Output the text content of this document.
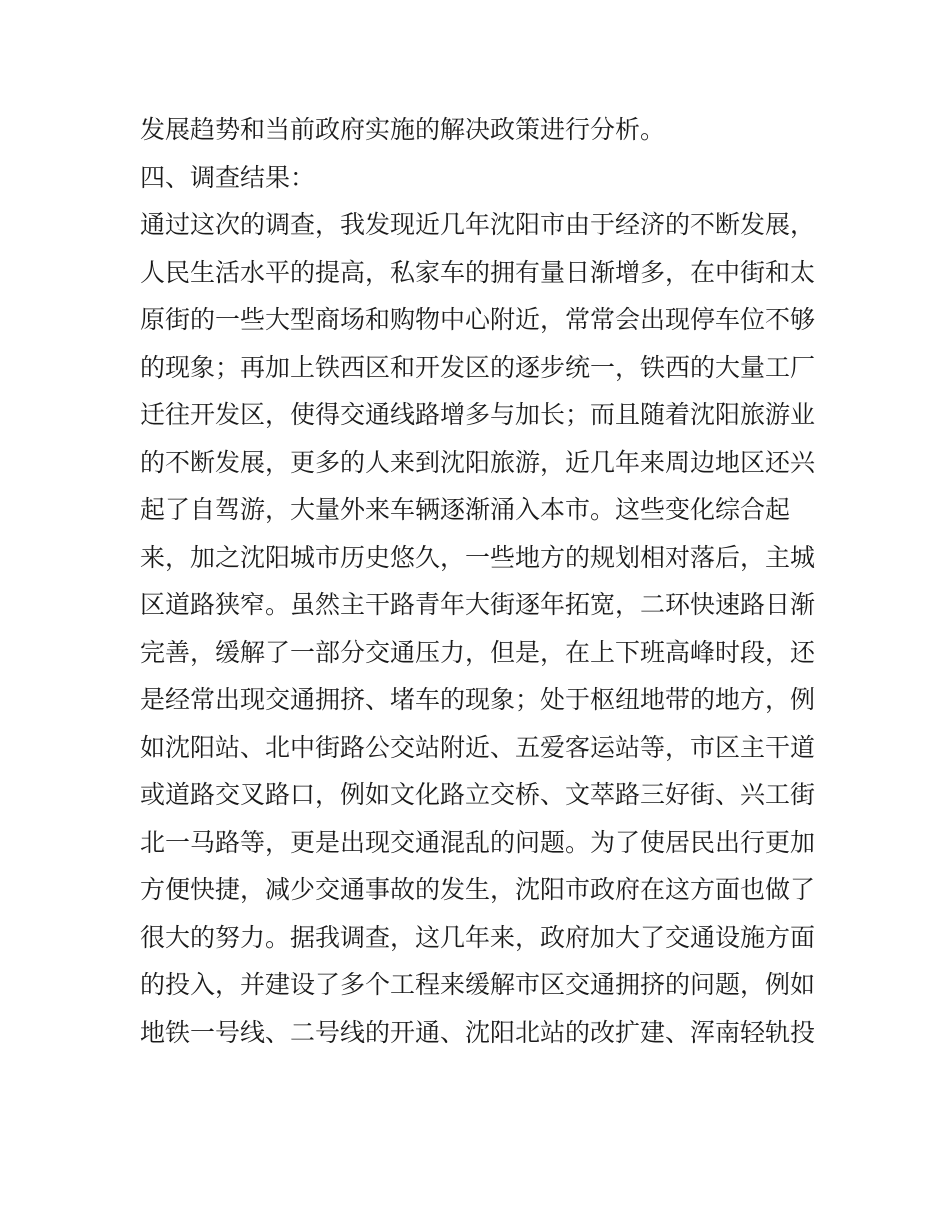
发展趋势和当前政府实施的解决政策进行分析。
四、调查结果：
通过这次的调查，我发现近几年沈阳市由于经济的不断发展，
人民生活水平的提高，私家车的拥有量日渐增多，在中街和太
原街的一些大型商场和购物中心附近，常常会出现停车位不够
的现象；再加上铁西区和开发区的逐步统一，铁西的大量工厂
迁往开发区，使得交通线路增多与加长；而且随着沈阳旅游业
的不断发展，更多的人来到沈阳旅游，近几年来周边地区还兴
起了自驾游，大量外来车辆逐渐涌入本市。这些变化综合起
来，加之沈阳城市历史悠久，一些地方的规划相对落后，主城
区道路狭窄。虽然主干路青年大街逐年拓宽，二环快速路日渐
完善，缓解了一部分交通压力，但是，在上下班高峰时段，还
是经常出现交通拥挤、堵车的现象；处于枢纽地带的地方，例
如沈阳站、北中街路公交站附近、五爱客运站等，市区主干道
或道路交叉路口，例如文化路立交桥、文萃路三好街、兴工街
北一马路等，更是出现交通混乱的问题。为了使居民出行更加
方便快捷，减少交通事故的发生，沈阳市政府在这方面也做了
很大的努力。据我调查，这几年来，政府加大了交通设施方面
的投入，并建设了多个工程来缓解市区交通拥挤的问题，例如
地铁一号线、二号线的开通、沈阳北站的改扩建、浑南轻轨投
